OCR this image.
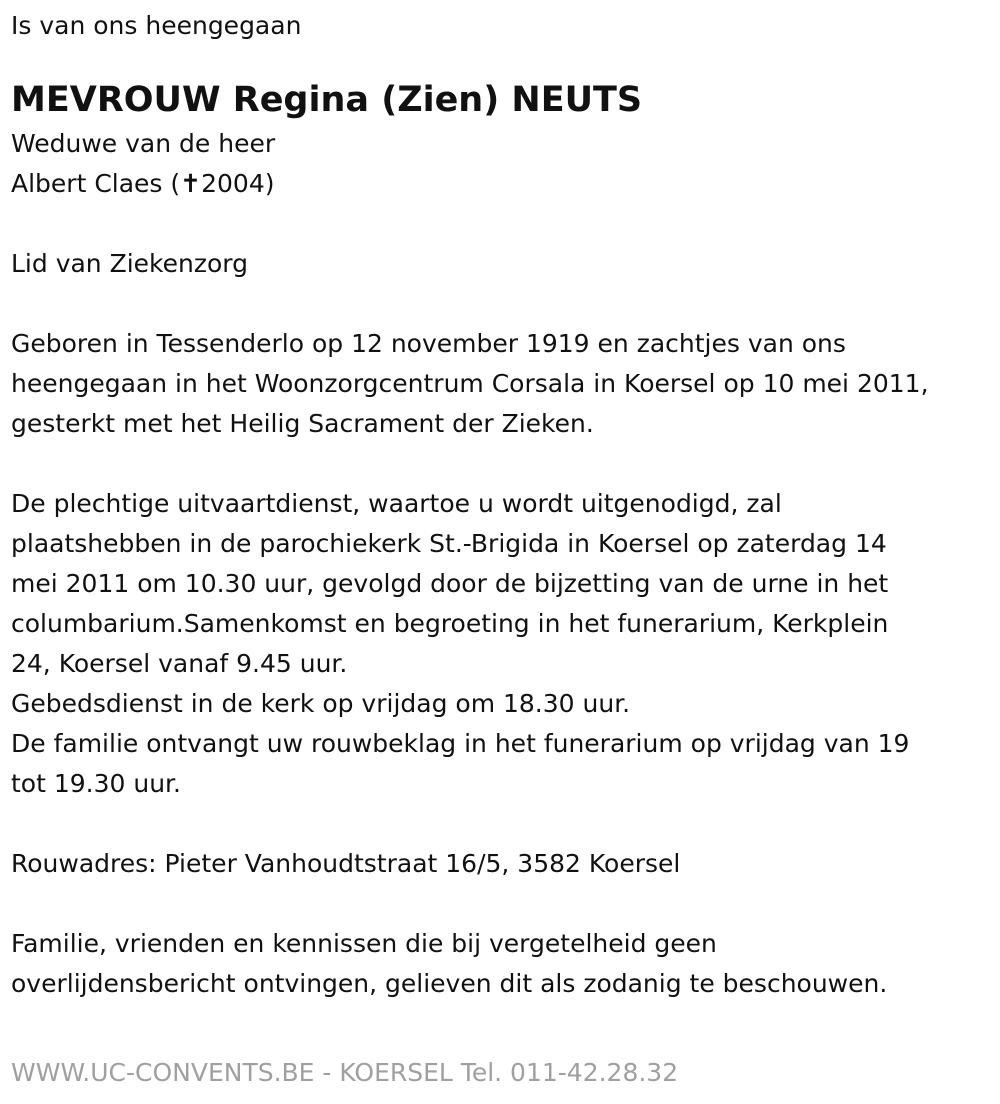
Is van ons heengegaan

MEVROUW Regina (Zien) NEUTS

Weduwe van de heer

Albert Claes (✝2004)

Lid van Ziekenzorg

Geboren in Tessenderlo op 12 november 1919 en zachtjes van ons

heengegaan in het Woonzorgcentrum Corsala in Koersel op 10 mei 2011,

gesterkt met het Heilig Sacrament der Zieken.

De plechtige uitvaartdienst, waartoe u wordt uitgenodigd, zal

plaatshebben in de parochiekerk St.-Brigida in Koersel op zaterdag 14

mei 2011 om 10.30 uur, gevolgd door de bijzetting van de urne in het

columbarium.Samenkomst en begroeting in het funerarium, Kerkplein

24, Koersel vanaf 9.45 uur.

Gebedsdienst in de kerk op vrijdag om 18.30 uur.

De familie ontvangt uw rouwbeklag in het funerarium op vrijdag van 19

tot 19.30 uur.

Rouwadres: Pieter Vanhoudtstraat 16/5, 3582 Koersel

Familie, vrienden en kennissen die bij vergetelheid geen

overlijdensbericht ontvingen, gelieven dit als zodanig te beschouwen.

WWW.UC-CONVENTS.BE - KOERSEL Tel. 011-42.28.32
